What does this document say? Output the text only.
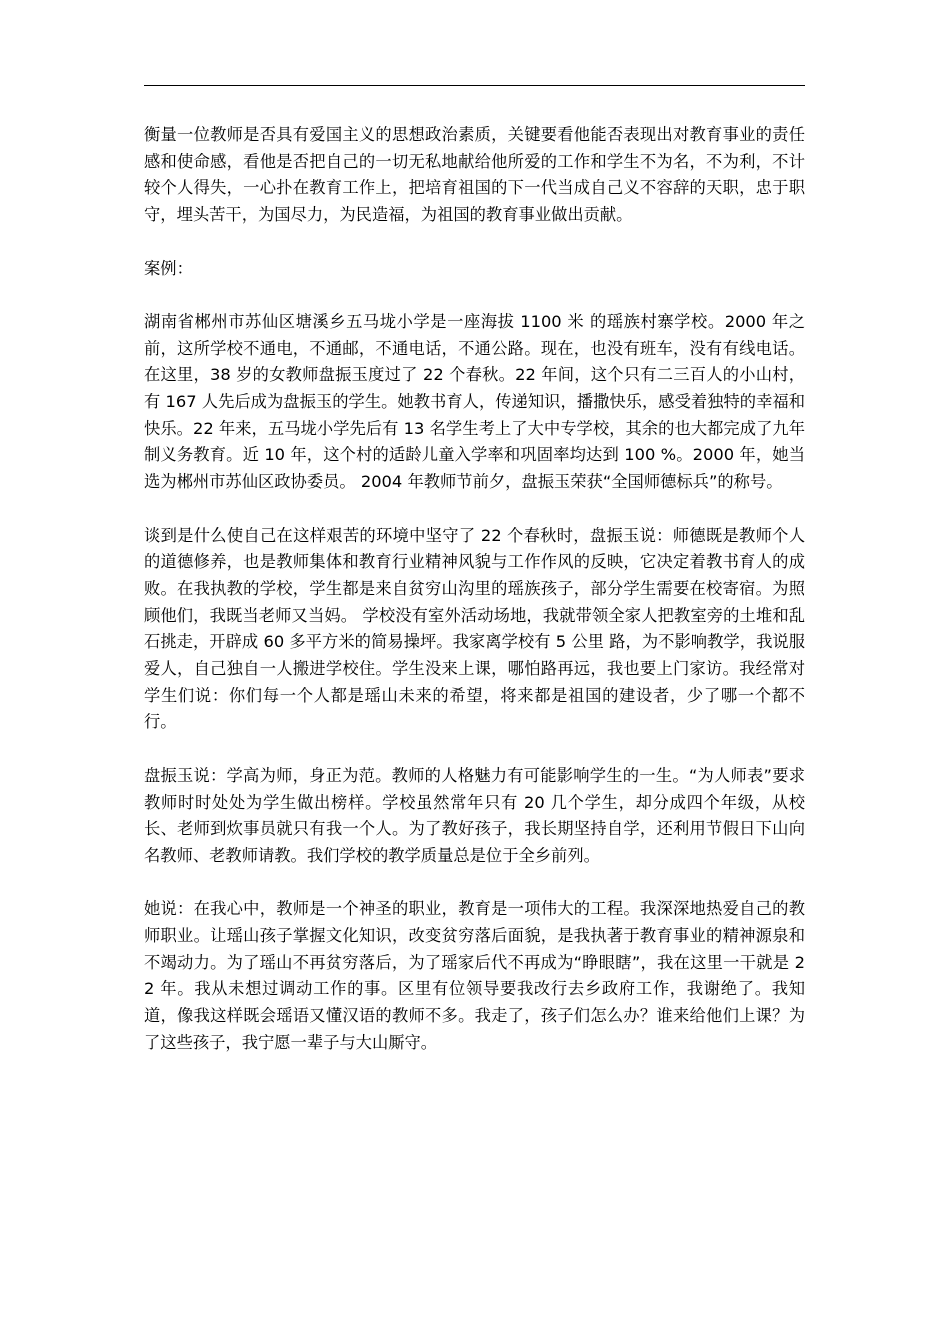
衡量一位教师是否具有爱国主义的思想政治素质，关键要看他能否表现出对教育事业的责任感和使命感，看他是否把自己的一切无私地献给他所爱的工作和学生不为名，不为利，不计较个人得失，一心扑在教育工作上，把培育祖国的下一代当成自己义不容辞的天职，忠于职守，埋头苦干，为国尽力，为民造福，为祖国的教育事业做出贡献。

案例：

湖南省郴州市苏仙区塘溪乡五马垅小学是一座海拔 1100 米 的瑶族村寨学校。2000 年之前，这所学校不通电，不通邮，不通电话，不通公路。现在，也没有班车，没有有线电话。在这里，38 岁的女教师盘振玉度过了 22 个春秋。22 年间，这个只有二三百人的小山村，有 167 人先后成为盘振玉的学生。她教书育人，传递知识，播撒快乐，感受着独特的幸福和快乐。22 年来，五马垅小学先后有 13 名学生考上了大中专学校，其余的也大都完成了九年制义务教育。近 10 年，这个村的适龄儿童入学率和巩固率均达到 100 %。2000 年，她当选为郴州市苏仙区政协委员。 2004 年教师节前夕，盘振玉荣获“全国师德标兵”的称号。

谈到是什么使自己在这样艰苦的环境中坚守了 22 个春秋时，盘振玉说：师德既是教师个人的道德修养，也是教师集体和教育行业精神风貌与工作作风的反映，它决定着教书育人的成败。在我执教的学校，学生都是来自贫穷山沟里的瑶族孩子，部分学生需要在校寄宿。为照顾他们，我既当老师又当妈。 学校没有室外活动场地，我就带领全家人把教室旁的土堆和乱石挑走，开辟成 60 多平方米的简易操坪。我家离学校有 5 公里 路，为不影响教学，我说服爱人，自己独自一人搬进学校住。学生没来上课，哪怕路再远，我也要上门家访。我经常对学生们说：你们每一个人都是瑶山未来的希望，将来都是祖国的建设者，少了哪一个都不行。

盘振玉说：学高为师，身正为范。教师的人格魅力有可能影响学生的一生。“为人师表”要求教师时时处处为学生做出榜样。学校虽然常年只有 20 几个学生，却分成四个年级，从校长、老师到炊事员就只有我一个人。为了教好孩子，我长期坚持自学，还利用节假日下山向名教师、老教师请教。我们学校的教学质量总是位于全乡前列。

她说：在我心中，教师是一个神圣的职业，教育是一项伟大的工程。我深深地热爱自己的教师职业。让瑶山孩子掌握文化知识，改变贫穷落后面貌，是我执著于教育事业的精神源泉和不竭动力。为了瑶山不再贫穷落后，为了瑶家后代不再成为“睁眼瞎”，我在这里一干就是 22 年。我从未想过调动工作的事。区里有位领导要我改行去乡政府工作，我谢绝了。我知道，像我这样既会瑶语又懂汉语的教师不多。我走了，孩子们怎么办？谁来给他们上课？为了这些孩子，我宁愿一辈子与大山厮守。
